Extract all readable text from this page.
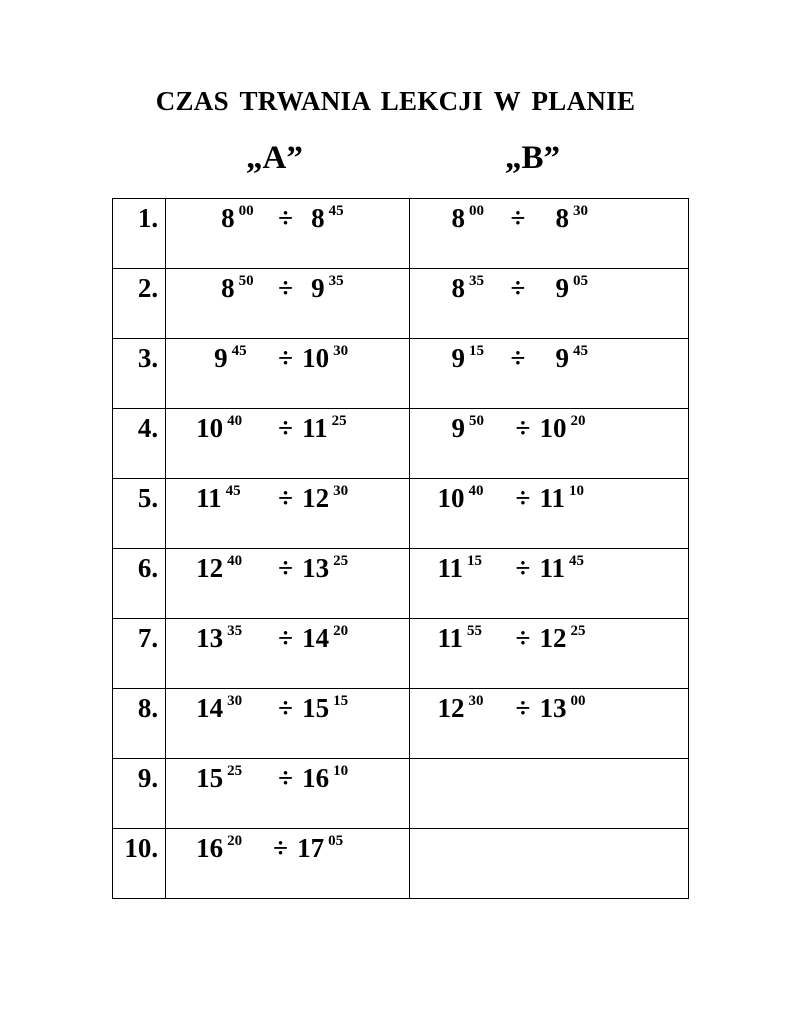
CZAS TRWANIA LEKCJI W PLANIE
„A”	„B”
1.	8 $^{00}$ ÷ 8 $^{45}$	8 $^{00}$ ÷ 8 $^{30}$

2.	8 $^{50}$ ÷ 9 $^{35}$	8 $^{35}$ ÷ 9 $^{05}$

3.	9 $^{45}$ ÷ 10 $^{30}$	9 $^{15}$ ÷ 9 $^{45}$

4.	10 $^{40}$ ÷ 11 $^{25}$	9 $^{50}$ ÷ 10 $^{20}$

5.	11 $^{45}$ ÷ 12 $^{30}$	10 $^{40}$ ÷ 11 $^{10}$

6.	12 $^{40}$ ÷ 13 $^{25}$	11 $^{15}$ ÷ 11 $^{45}$

7.	13 $^{35}$ ÷ 14 $^{20}$	11 $^{55}$ ÷ 12 $^{25}$

8.	14 $^{30}$ ÷ 15 $^{15}$	12 $^{30}$ ÷ 13 $^{00}$

9.	15 $^{25}$ ÷ 16 $^{10}$

10.	16 $^{20}$ ÷ 17 $^{05}$
